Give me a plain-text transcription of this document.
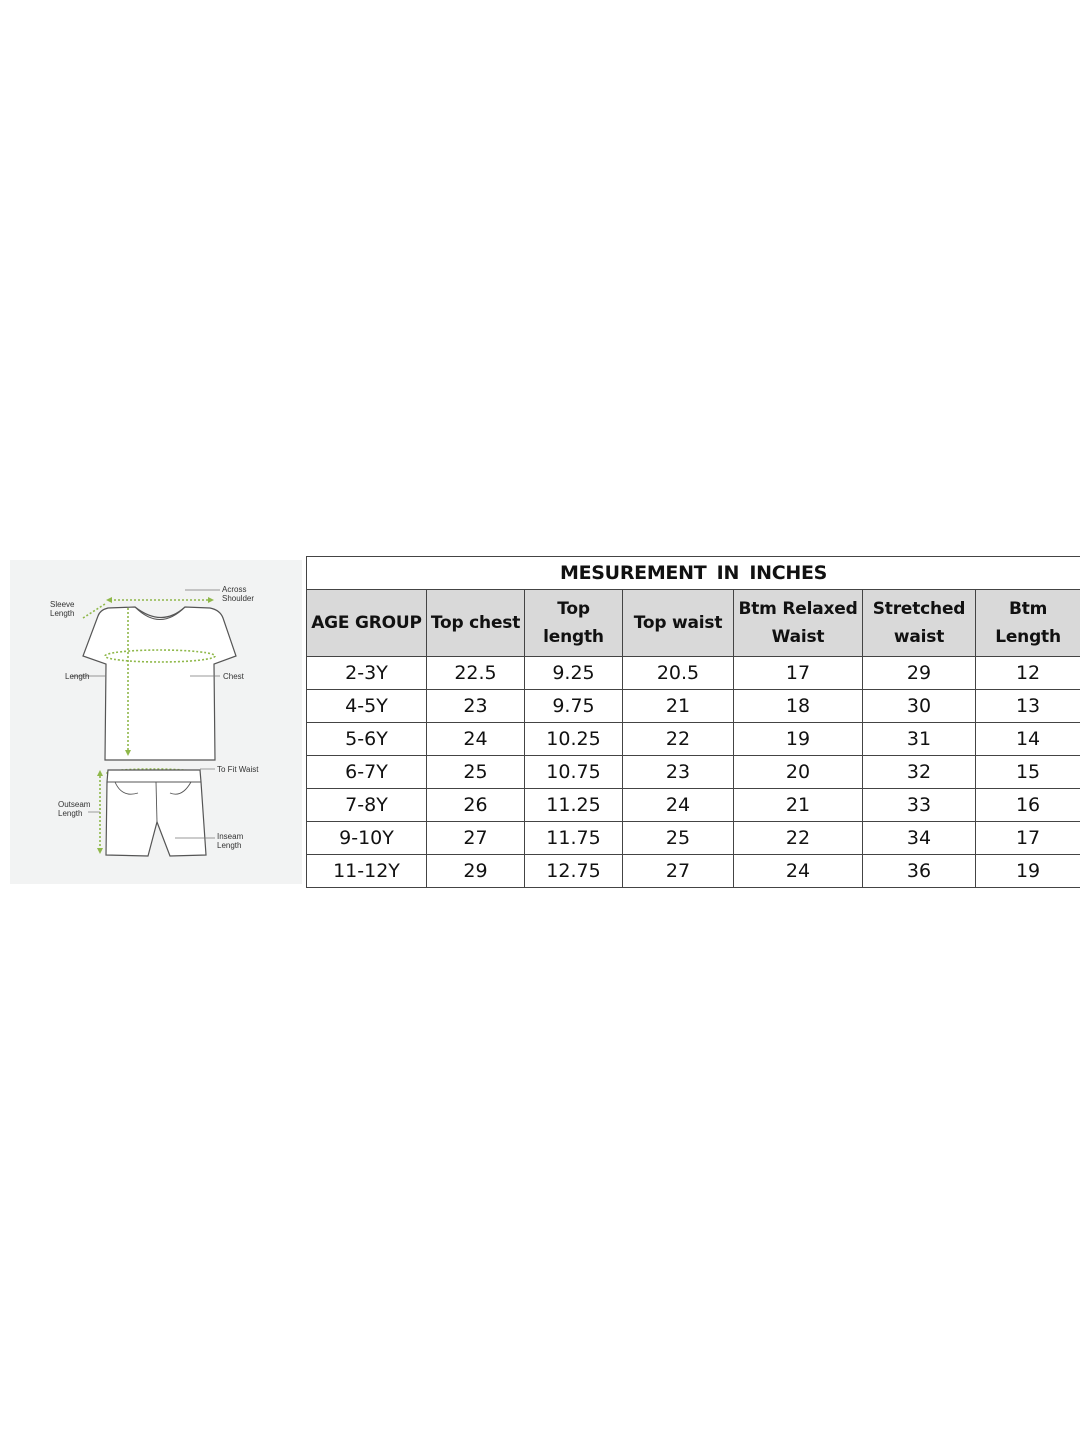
Sleeve Length
Across Shoulder
Length	Chest
To Fit Waist
Outseam Length
Inseam Length
MESUREMENT IN INCHES						
AGE GROUP	Top chest	Top length	Top waist	Btm Relaxed Waist	Stretched waist	Btm Length
2-3Y	22.5	9.25	20.5	17	29	12
4-5Y	23	9.75	21	18	30	13
5-6Y	24	10.25	22	19	31	14
6-7Y	25	10.75	23	20	32	15
7-8Y	26	11.25	24	21	33	16
9-10Y	27	11.75	25	22	34	17
11-12Y	29	12.75	27	24	36	19
